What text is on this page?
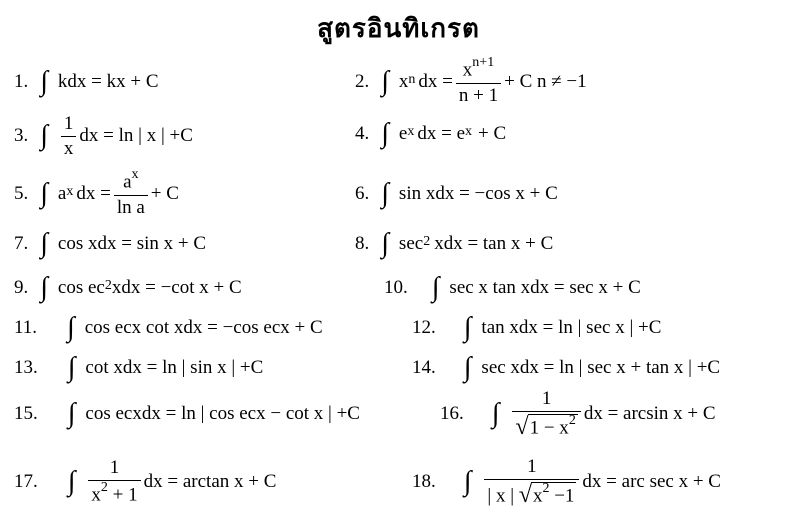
สูตรอินทิเกรต
1. ∫ kdx = kx + C	2. ∫ $x^n$ dx = $\frac{x^{n+1}}{n + 1} + C$ n ≠ −1
3. ∫ $\frac{1}{x}$ dx = ln | x | +C	4. ∫ $e^x$ dx = $e^x + C$
5. ∫ $a^x$ dx = $\frac{a^x}{\text{ln a}} + C$	6. ∫ sin xdx = −cos x + C
7. ∫ cos xdx = sin x + C	8. ∫ $\sec^2$ xdx = tan x + C
9. ∫ $\cos ec^2$ xdx = −cot x + C	10. ∫ sec x tan xdx = sec x + C
11. ∫ cos ecx cot xdx = −cos ecx + C	12. ∫ tan xdx = ln | sec x | +C
13. ∫ cot xdx = ln | sin x | +C	14. ∫ sec xdx = ln | sec x + tan x | +C
15. ∫ cos ecxdx = ln | cos ecx − cot x | +C	16. ∫ $\frac{1}{√ 1 - x^2}$ dx = arcsin x + C
17. ∫ $\frac{1}{x^2 + 1}$ dx = arctan x + C	18. ∫ $\frac{1}{| x | √ x^2 -1}$ dx = arc sec x + C
